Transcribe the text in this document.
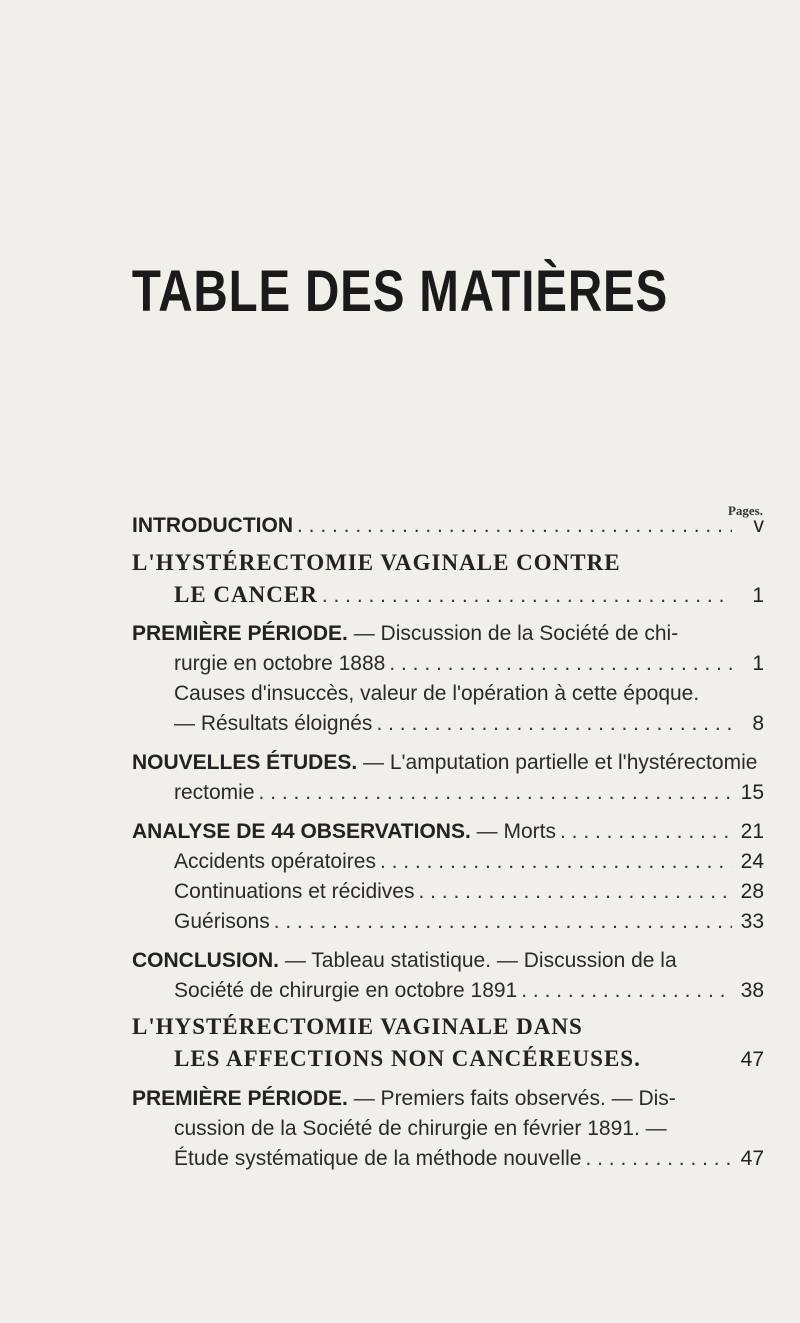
TABLE DES MATIÈRES
Pages.
INTRODUCTION . . .	v
L'HYSTÉRECTOMIE VAGINALE CONTRE
LE CANCER . . .	1
PREMIÈRE PÉRIODE. — Discussion de la Société de chi-
rurgie en octobre 1888 . . .	1
Causes d'insuccès, valeur de l'opération à cette époque.
— Résultats éloignés . . .	8
NOUVELLES ÉTUDES. — L'amputation partielle et l'hystérectomie
rectomie . . .	15
ANALYSE DE 44 OBSERVATIONS. — Morts . . .	21
Accidents opératoires . . .	24
Continuations et récidives . . .	28
Guérisons . . .	33
CONCLUSION. — Tableau statistique. — Discussion de la
Société de chirurgie en octobre 1891 . . .	38
L'HYSTÉRECTOMIE VAGINALE DANS
LES AFFECTIONS NON CANCÉREUSES.	47
PREMIÈRE PÉRIODE. — Premiers faits observés. — Dis-
cussion de la Société de chirurgie en février 1891. —
Étude systématique de la méthode nouvelle . . .	47
